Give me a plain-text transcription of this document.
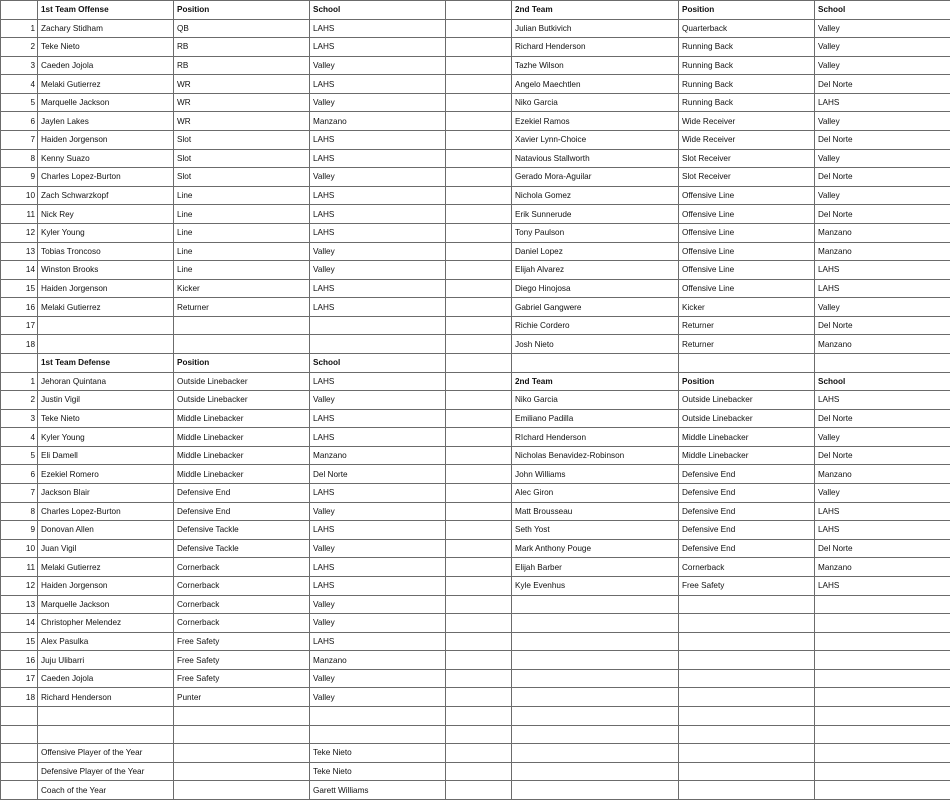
	1st Team Offense	Position	School		2nd Team	Position	School
1	Zachary Stidham	QB	LAHS		Julian Butkivich	Quarterback	Valley
2	Teke Nieto	RB	LAHS		Richard Henderson	Running Back	Valley
3	Caeden Jojola	RB	Valley		Tazhe Wilson	Running Back	Valley
4	Melaki Gutierrez	WR	LAHS		Angelo Maechtlen	Running Back	Del Norte
5	Marquelle Jackson	WR	Valley		Niko Garcia	Running Back	LAHS
6	Jaylen Lakes	WR	Manzano		Ezekiel Ramos	Wide Receiver	Valley
7	Haiden Jorgenson	Slot	LAHS		Xavier Lynn-Choice	Wide Receiver	Del Norte
8	Kenny Suazo	Slot	LAHS		Natavious Stallworth	Slot Receiver	Valley
9	Charles Lopez-Burton	Slot	Valley		Gerado Mora-Aguilar	Slot Receiver	Del Norte
10	Zach Schwarzkopf	Line	LAHS		Nichola Gomez	Offensive Line	Valley
11	Nick Rey	Line	LAHS		Erik Sunnerude	Offensive Line	Del Norte
12	Kyler Young	Line	LAHS		Tony Paulson	Offensive Line	Manzano
13	Tobias Troncoso	Line	Valley		Daniel Lopez	Offensive Line	Manzano
14	Winston Brooks	Line	Valley		Elijah Alvarez	Offensive Line	LAHS
15	Haiden Jorgenson	Kicker	LAHS		Diego Hinojosa	Offensive Line	LAHS
16	Melaki Gutierrez	Returner	LAHS		Gabriel Gangwere	Kicker	Valley
17					Richie Cordero	Returner	Del Norte
18					Josh Nieto	Returner	Manzano
	1st Team Defense	Position	School				
1	Jehoran Quintana	Outside Linebacker	LAHS		2nd Team	Position	School
2	Justin Vigil	Outside Linebacker	Valley		Niko Garcia	Outside Linebacker	LAHS
3	Teke Nieto	Middle Linebacker	LAHS		Emiliano Padilla	Outside Linebacker	Del Norte
4	Kyler Young	Middle Linebacker	LAHS		RIchard Henderson	Middle Linebacker	Valley
5	Eli Damell	Middle Linebacker	Manzano		Nicholas Benavidez-Robinson	Middle Linebacker	Del Norte
6	Ezekiel Romero	Middle Linebacker	Del Norte		John Williams	Defensive End	Manzano
7	Jackson Blair	Defensive End	LAHS		Alec Giron	Defensive End	Valley
8	Charles Lopez-Burton	Defensive End	Valley		Matt Brousseau	Defensive End	LAHS
9	Donovan Allen	Defensive Tackle	LAHS		Seth Yost	Defensive End	LAHS
10	Juan Vigil	Defensive Tackle	Valley		Mark Anthony Pouge	Defensive End	Del Norte
11	Melaki Gutierrez	Cornerback	LAHS		Elijah Barber	Cornerback	Manzano
12	Haiden Jorgenson	Cornerback	LAHS		Kyle Evenhus	Free Safety	LAHS
13	Marquelle Jackson	Cornerback	Valley				
14	Christopher Melendez	Cornerback	Valley				
15	Alex Pasulka	Free Safety	LAHS				
16	Juju Ulibarri	Free Safety	Manzano				
17	Caeden Jojola	Free Safety	Valley				
18	Richard Henderson	Punter	Valley				

	Offensive Player of the Year		Teke Nieto				
	Defensive Player of the Year		Teke Nieto				
	Coach of the Year		Garett Williams				
